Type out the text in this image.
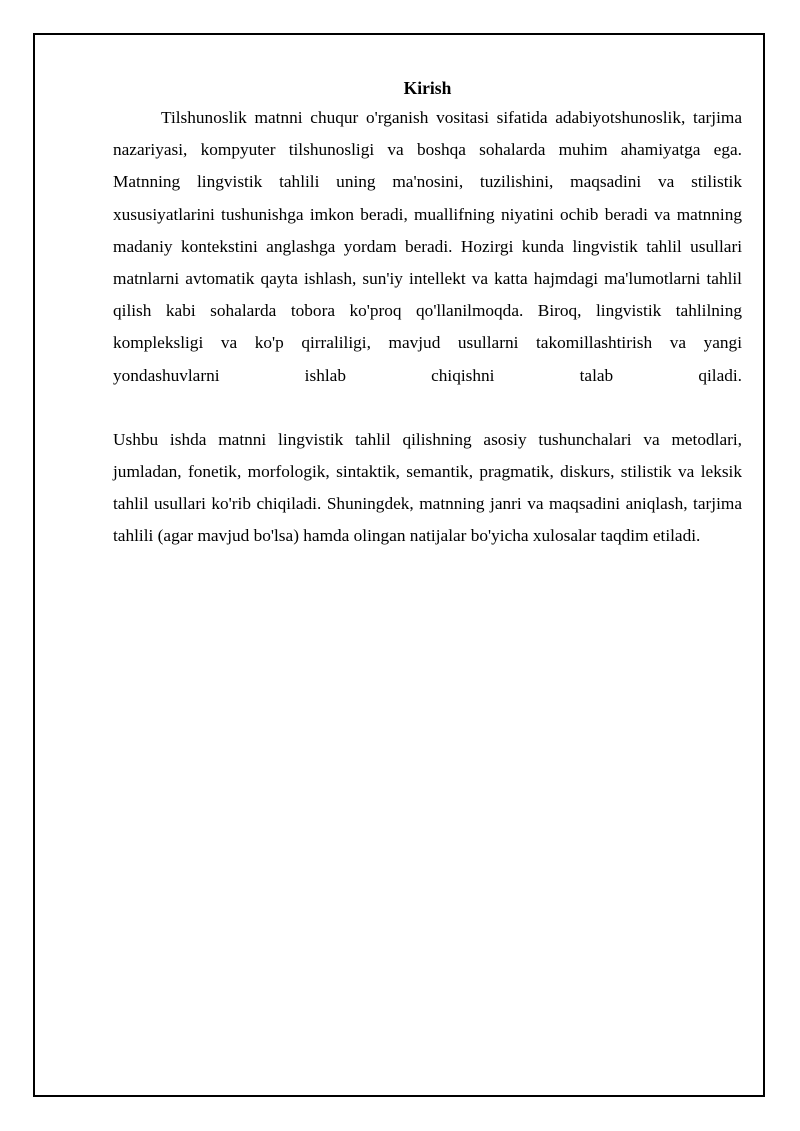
Kirish

Tilshunoslik matnni chuqur o'rganish vositasi sifatida adabiyotshunoslik, tarjima nazariyasi, kompyuter tilshunosligi va boshqa sohalarda muhim ahamiyatga ega. Matnning lingvistik tahlili uning ma'nosini, tuzilishini, maqsadini va stilistik xususiyatlarini tushunishga imkon beradi, muallifning niyatini ochib beradi va matnning madaniy kontekstini anglashga yordam beradi. Hozirgi kunda lingvistik tahlil usullari matnlarni avtomatik qayta ishlash, sun'iy intellekt va katta hajmdagi ma'lumotlarni tahlil qilish kabi sohalarda tobora ko'proq qo'llanilmoqda. Biroq, lingvistik tahlilning kompleksligi va ko'p qirraliligi, mavjud usullarni takomillashtirish va yangi yondashuvlarni ishlab chiqishni talab qiladi.

Ushbu ishda matnni lingvistik tahlil qilishning asosiy tushunchalari va metodlari, jumladan, fonetik, morfologik, sintaktik, semantik, pragmatik, diskurs, stilistik va leksik tahlil usullari ko'rib chiqiladi. Shuningdek, matnning janri va maqsadini aniqlash, tarjima tahlili (agar mavjud bo'lsa) hamda olingan natijalar bo'yicha xulosalar taqdim etiladi.
